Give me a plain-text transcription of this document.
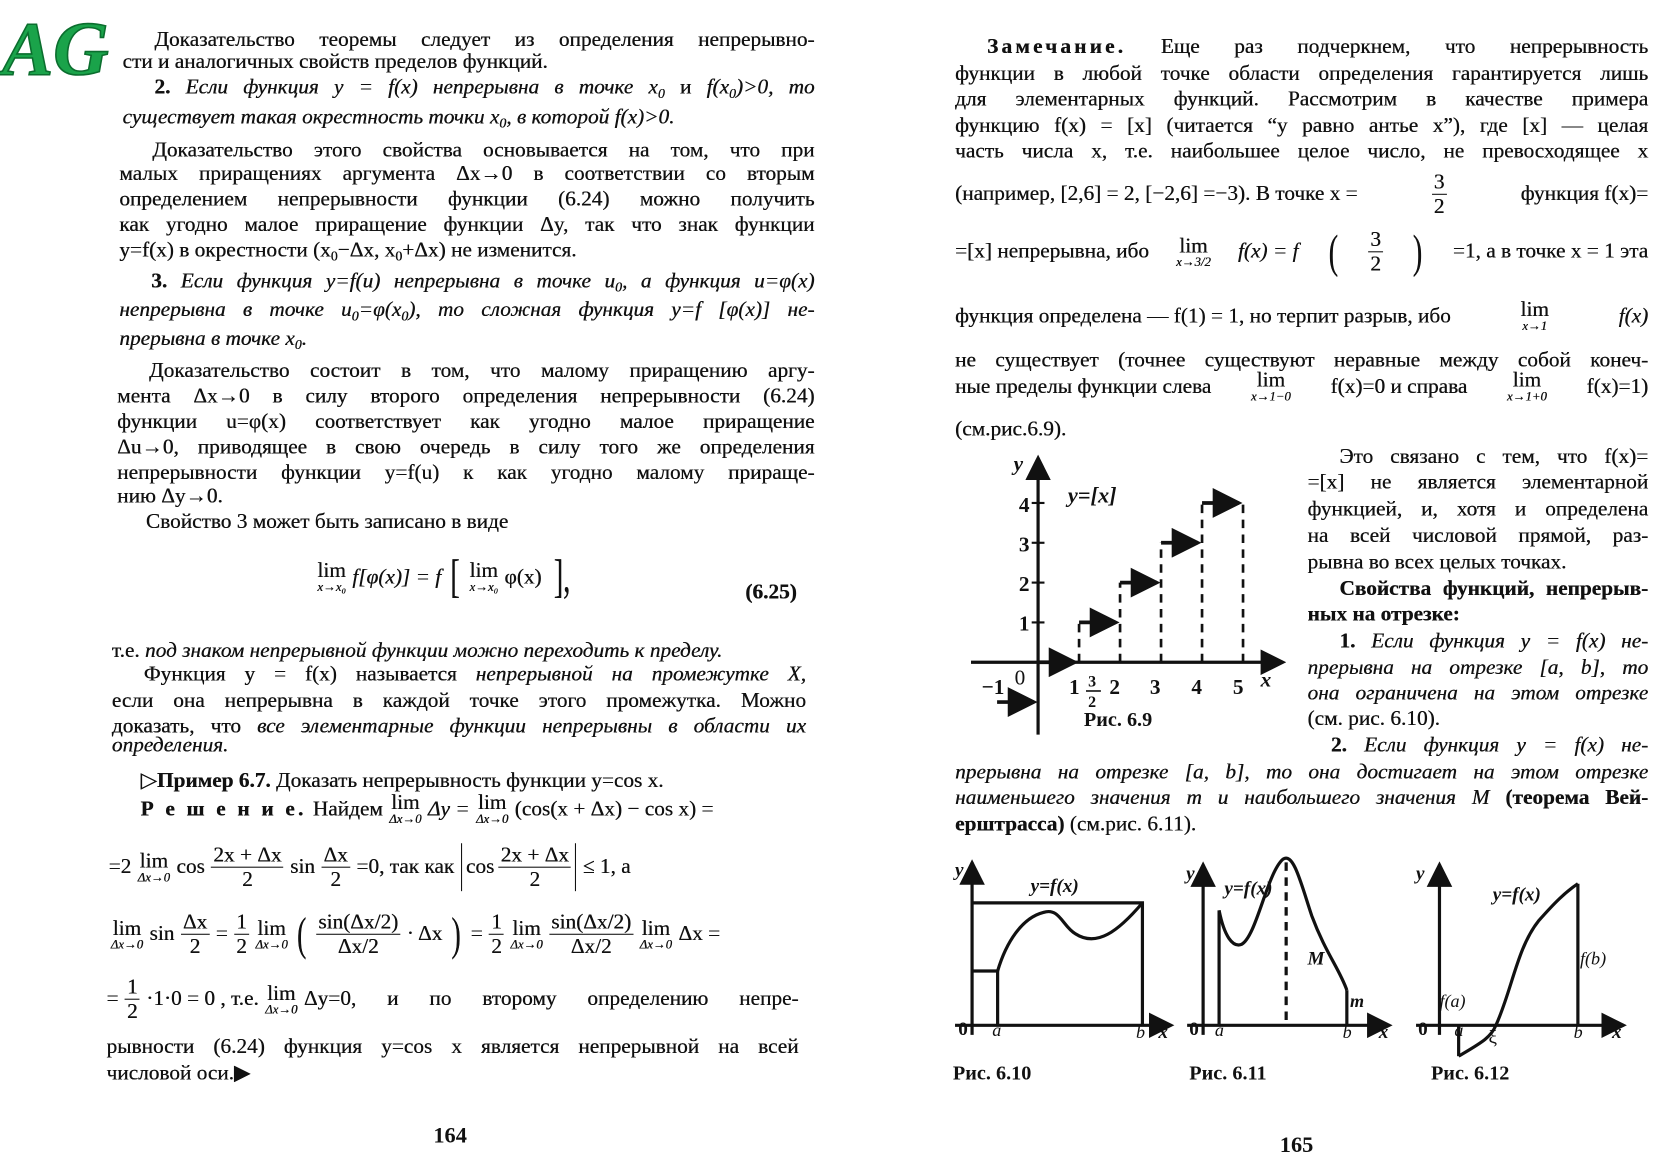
AG Доказательство теоремы следует из определения непрерывно-
сти и аналогичных свойств пределов функций.
2. Если функция y = f(x) непрерывна в точке $x_0$ и $f(x_0)>0$, то
существует такая окрестность точки $x_0$, в которой f(x)>0.
Доказательство этого свойства основывается на том, что при
малых приращениях аргумента Δx→0 в соответствии со вторым
определением непрерывности функции (6.24) можно получить
как угодно малое приращение функции Δy, так что знак функции
y=f(x) в окрестности ($x_0-\Delta x$, $x_0+\Delta x$) не изменится.
3. Если функция y=f(u) непрерывна в точке $u_0$, а функция u=φ(x)
непрерывна в точке $u_0=\varphi(x_0)$, то сложная функция y=f [φ(x)] не-
прерывна в точке $x_0$.
Доказательство состоит в том, что малому приращению аргу-
мента Δx→0 в силу второго определения непрерывности (6.24)
функции u=φ(x) соответствует как угодно малое приращение
Δu→0, приводящее в свою очередь в силу того же определения
непрерывности функции y=f(u) к как угодно малому прираще-
нию Δy→0.
Свойство 3 может быть записано в виде
lim
x→x₀ f[φ(x)] = f [ lim
x→x₀ φ(x) ],	(6.25)
т.е. под знаком непрерывной функции можно переходить к пределу.
Функция y = f(x) называется непрерывной на промежутке X,
если она непрерывна в каждой точке этого промежутка. Можно
доказать, что все элементарные функции непрерывны в области их
определения.
▷Пример 6.7. Доказать непрерывность функции y=cos x.
Р е ш е н и е. Найдем lim
Δx→0 Δy = lim
Δx→0 (cos(x + Δx) − cos x) =
=2 lim
Δx→0 cos 2x + Δx
2
$\sin \frac{\Delta x}{2} =0$, так как cos 2x + Δx
2
≤ 1, а
lim
Δx→0 $\sin \frac{\Delta x}{2} = \frac{1}{2}$ lim
Δx→0 ( sin(Δx/2)
Δx/2
· Δx ) = $\frac{1}{2}$ lim
Δx→0
sin(Δx/2)
Δx/2
lim
Δx→0 Δx =
= $\frac{1}{2} \cdot 1\cdot 0 = 0$ , т.е. lim
Δx→0 Δy=0, и по второму определению непре-
рывности (6.24) функция y=cos x является непрерывной на всей
числовой оси.▶
164
Замечание. Еще раз подчеркнем, что непрерывность
функции в любой точке области определения гарантируется лишь
для элементарных функций. Рассмотрим в качестве примера
функцию f(x) = [x] (читается “y равно антье x”), где [x] — целая
часть числа x, т.е. наибольшее целое число, не превосходящее x
(например, [2,6] = 2, [−2,6] =−3). В точке x =	$\frac{3}{2}$	функция f(x)=
=[x] непрерывна, ибо lim
x→3/2 f(x) = f ( 3
2 ) =1, а в точке x = 1 эта
функция определена — f(1) = 1, но терпит разрыв, ибо	lim
x→1	f(x)
не существует (точнее существуют неравные между собой конеч-
ные пределы функции слева lim
x→1−0 f(x)=0 и справа lim
x→1+0 f(x)=1)
(см.рис.6.9).
y
y=[x]
1
2
3
4
−1 0 1 3
2
2 3 4 5 x
Рис. 6.9
y
y=f(x)
0 a	b x
Рис. 6.10
y
y=f(x)
M
m
0 a	b x
Рис. 6.11
y
y=f(x)
f(a)
f(b)
0 a ξ	b x
Рис. 6.12
Это связано с тем, что f(x)=
=[x] не является элементарной
функцией, и, хотя и определена
на всей числовой прямой, раз-
рывна во всех целых точках.
Свойства функций, непрерыв-
ных на отрезке:
1. Если функция y = f(x) не-
прерывна на отрезке [a, b], то
она ограничена на этом отрезке
(см. рис. 6.10).
2. Если функция y = f(x) не-
прерывна на отрезке [a, b], то она достигает на этом отрезке
наименьшего значения m и наибольшего значения M (теорема Вей-
ерштрасса) (см.рис. 6.11).
165
